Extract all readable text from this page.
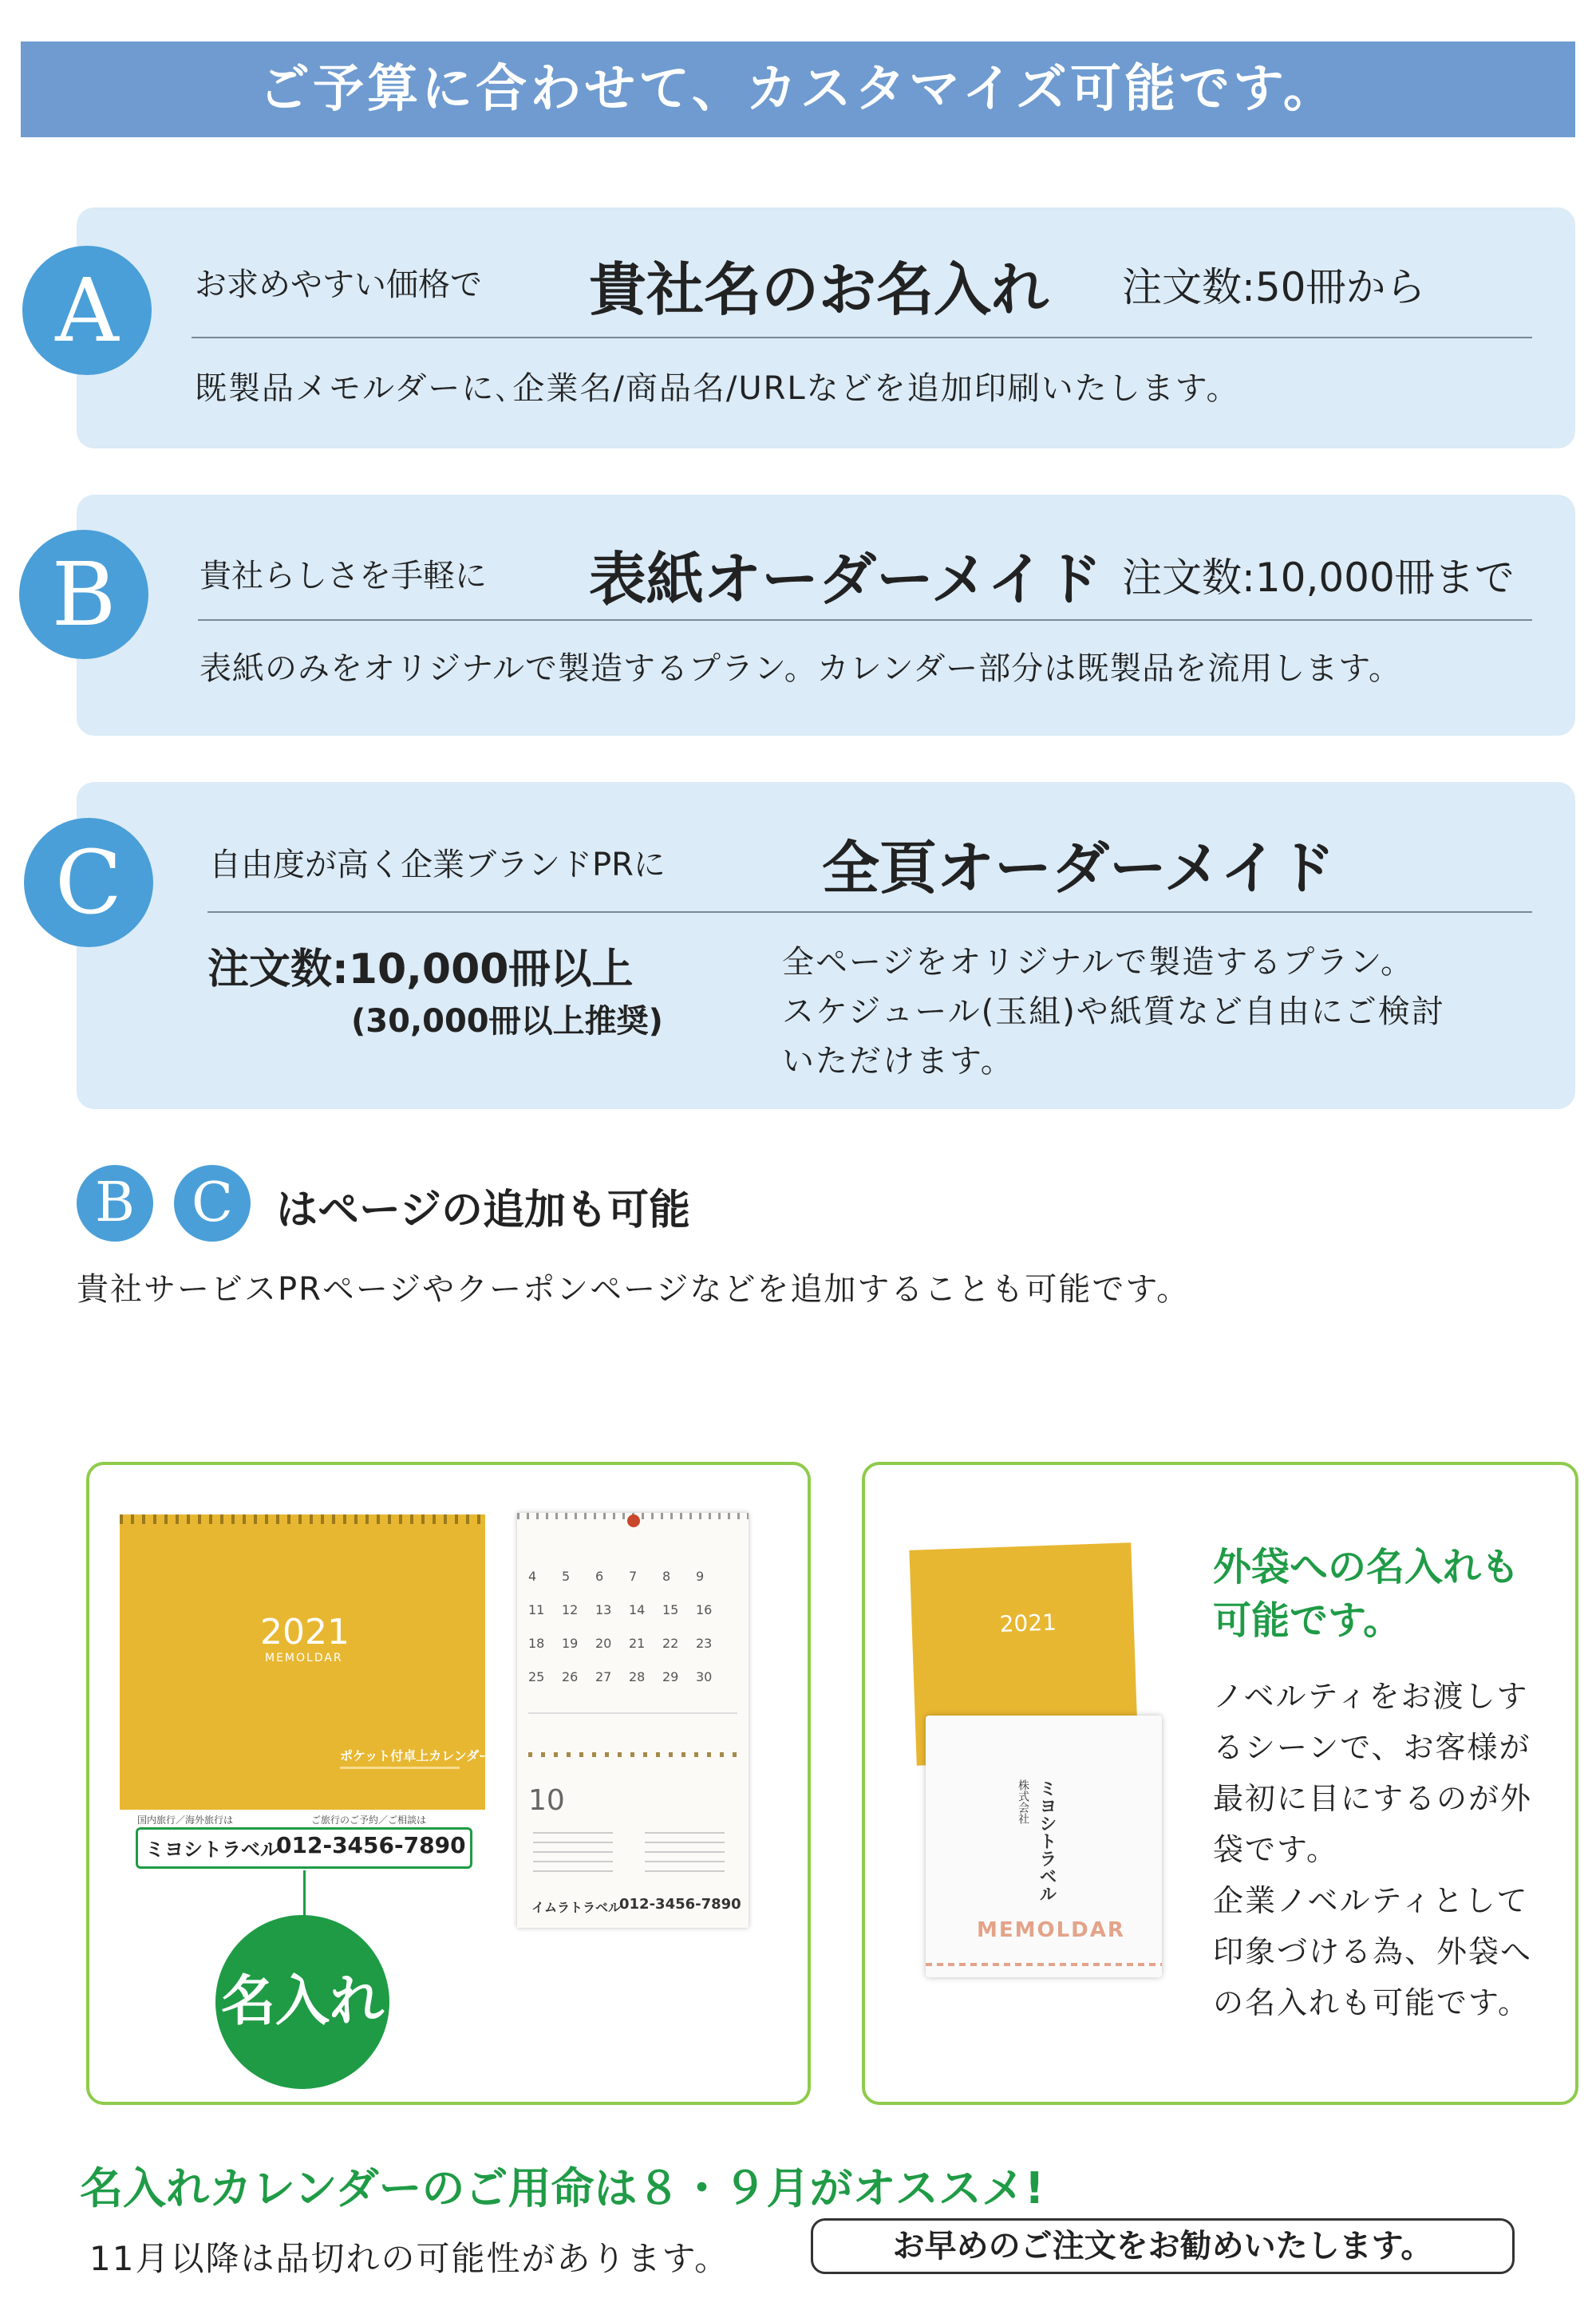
ご予算に合わせて、カスタマイズ可能です。
A	お求めやすい価格で 貴社名のお名入れ 注文数:50冊から
既製品メモルダーに､企業名/商品名/URLなどを追加印刷いたします。
B	貴社らしさを手軽に 表紙オーダーメイド 注文数:10,000冊まで
表紙のみをオリジナルで製造するプラン。カレンダー部分は既製品を流用します。
C	自由度が高く企業ブランドPRに	全頁オーダーメイド
注文数:10,000冊以上
(30,000冊以上推奨)
全ページをオリジナルで製造するプラン。
スケジュール(玉組)や紙質など自由にご検討
いただけます。
B	C	はページの追加も可能
貴社サービスPRページやクーポンページなどを追加することも可能です。
2021
MEMOLDAR
ポケット付卓上カレンダー
国内旅行／海外旅行は	ご旅行のご予約／ご相談は
ミヨシトラベル
012-3456-7890
名入れ
4 5 6 7 8 9
11 12 13 14 15 16
18 19 20 21 22 23
25 26 27 28 29 30
10
イムラトラベル
012-3456-7890
2021
ミヨシトラベル
株式会社
MEMOLDAR
外袋への名入れも
可能です。
ノベルティをお渡しす
るシーンで、お客様が
最初に目にするのが外
袋です。
企業ノベルティとして
印象づける為、外袋へ
の名入れも可能です。
名入れカレンダーのご用命は８・９月がオススメ!
11月以降は品切れの可能性があります。	お早めのご注文をお勧めいたします。
